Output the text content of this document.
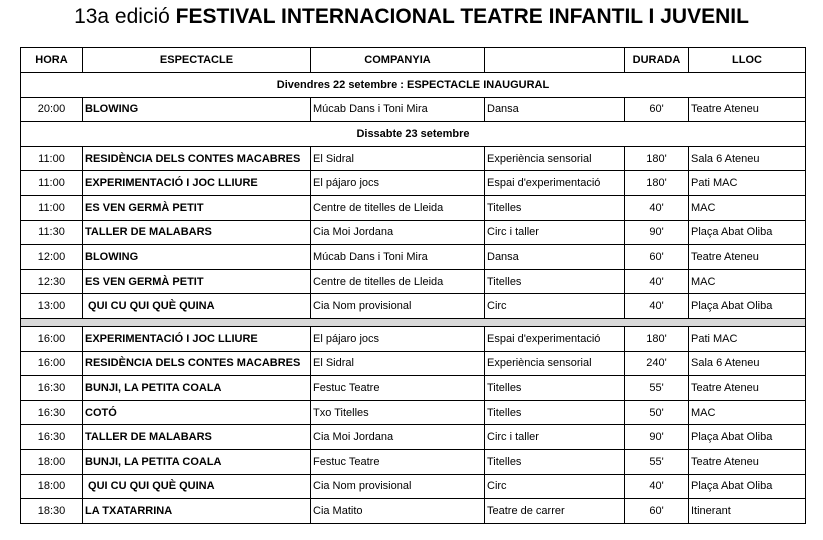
13a edició FESTIVAL INTERNACIONAL TEATRE INFANTIL I JUVENIL
HORA	ESPECTACLE	COMPANYIA		DURADA	LLOC
Divendres 22 setembre : ESPECTACLE INAUGURAL					
20:00	BLOWING	Múcab Dans i Toni Mira	Dansa	60'	Teatre Ateneu
Dissabte 23 setembre					
11:00	RESIDÈNCIA DELS CONTES MACABRES	El Sidral	Experiència sensorial	180'	Sala 6 Ateneu
11:00	EXPERIMENTACIÓ I JOC LLIURE	El pájaro jocs	Espai d'experimentació	180'	Pati MAC
11:00	ES VEN GERMÀ PETIT	Centre de titelles de Lleida	Titelles	40'	MAC
11:30	TALLER DE MALABARS	Cia Moi Jordana	Circ i taller	90'	Plaça Abat Oliba
12:00	BLOWING	Múcab Dans i Toni Mira	Dansa	60'	Teatre Ateneu
12:30	ES VEN GERMÀ PETIT	Centre de titelles de Lleida	Titelles	40'	MAC
13:00	QUI CU QUI QUÈ QUINA	Cia Nom provisional	Circ	40'	Plaça Abat Oliba

16:00	EXPERIMENTACIÓ I JOC LLIURE	El pájaro jocs	Espai d'experimentació	180'	Pati MAC
16:00	RESIDÈNCIA DELS CONTES MACABRES	El Sidral	Experiència sensorial	240'	Sala 6 Ateneu
16:30	BUNJI, LA PETITA COALA	Festuc Teatre	Titelles	55'	Teatre Ateneu
16:30	COTÓ	Txo Titelles	Titelles	50'	MAC
16:30	TALLER DE MALABARS	Cia Moi Jordana	Circ i taller	90'	Plaça Abat Oliba
18:00	BUNJI, LA PETITA COALA	Festuc Teatre	Titelles	55'	Teatre Ateneu
18:00	QUI CU QUI QUÈ QUINA	Cia Nom provisional	Circ	40'	Plaça Abat Oliba
18:30	LA TXATARRINA	Cia Matito	Teatre de carrer	60'	Itinerant
